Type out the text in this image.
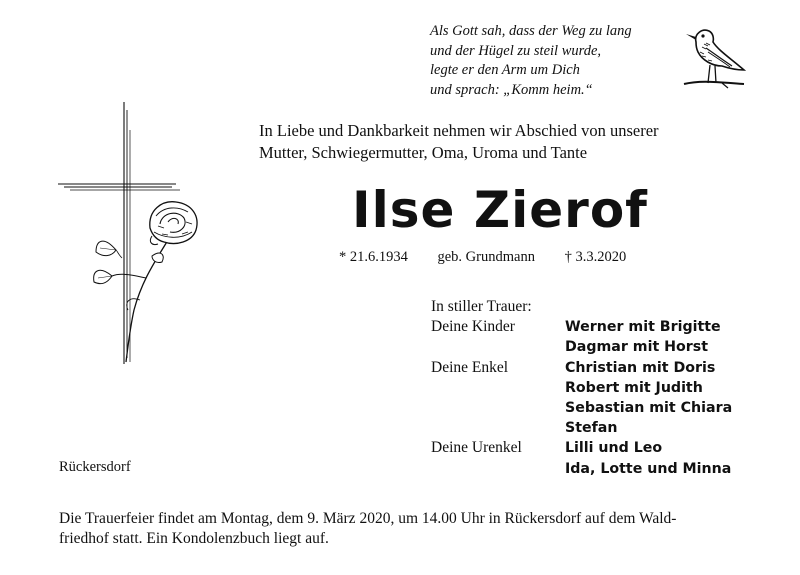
Als Gott sah, dass der Weg zu lang
und der Hügel zu steil wurde,
legte er den Arm um Dich
und sprach: „Komm heim.“
In Liebe und Dankbarkeit nehmen wir Abschied von unserer
Mutter, Schwiegermutter, Oma, Uroma und Tante
Ilse Zierof
* 21.6.1934 geb. Grundmann † 3.3.2020
In stiller Trauer:
Deine Kinder	Werner mit Brigitte
Dagmar mit Horst
Deine Enkel	Christian mit Doris
Robert mit Judith
Sebastian mit Chiara
Stefan
Deine Urenkel	Lilli und Leo
Ida, Lotte und Minna
Rückersdorf
Die Trauerfeier findet am Montag, dem 9. März 2020, um 14.00 Uhr in Rückersdorf auf dem Wald-
friedhof statt. Ein Kondolenzbuch liegt auf.
